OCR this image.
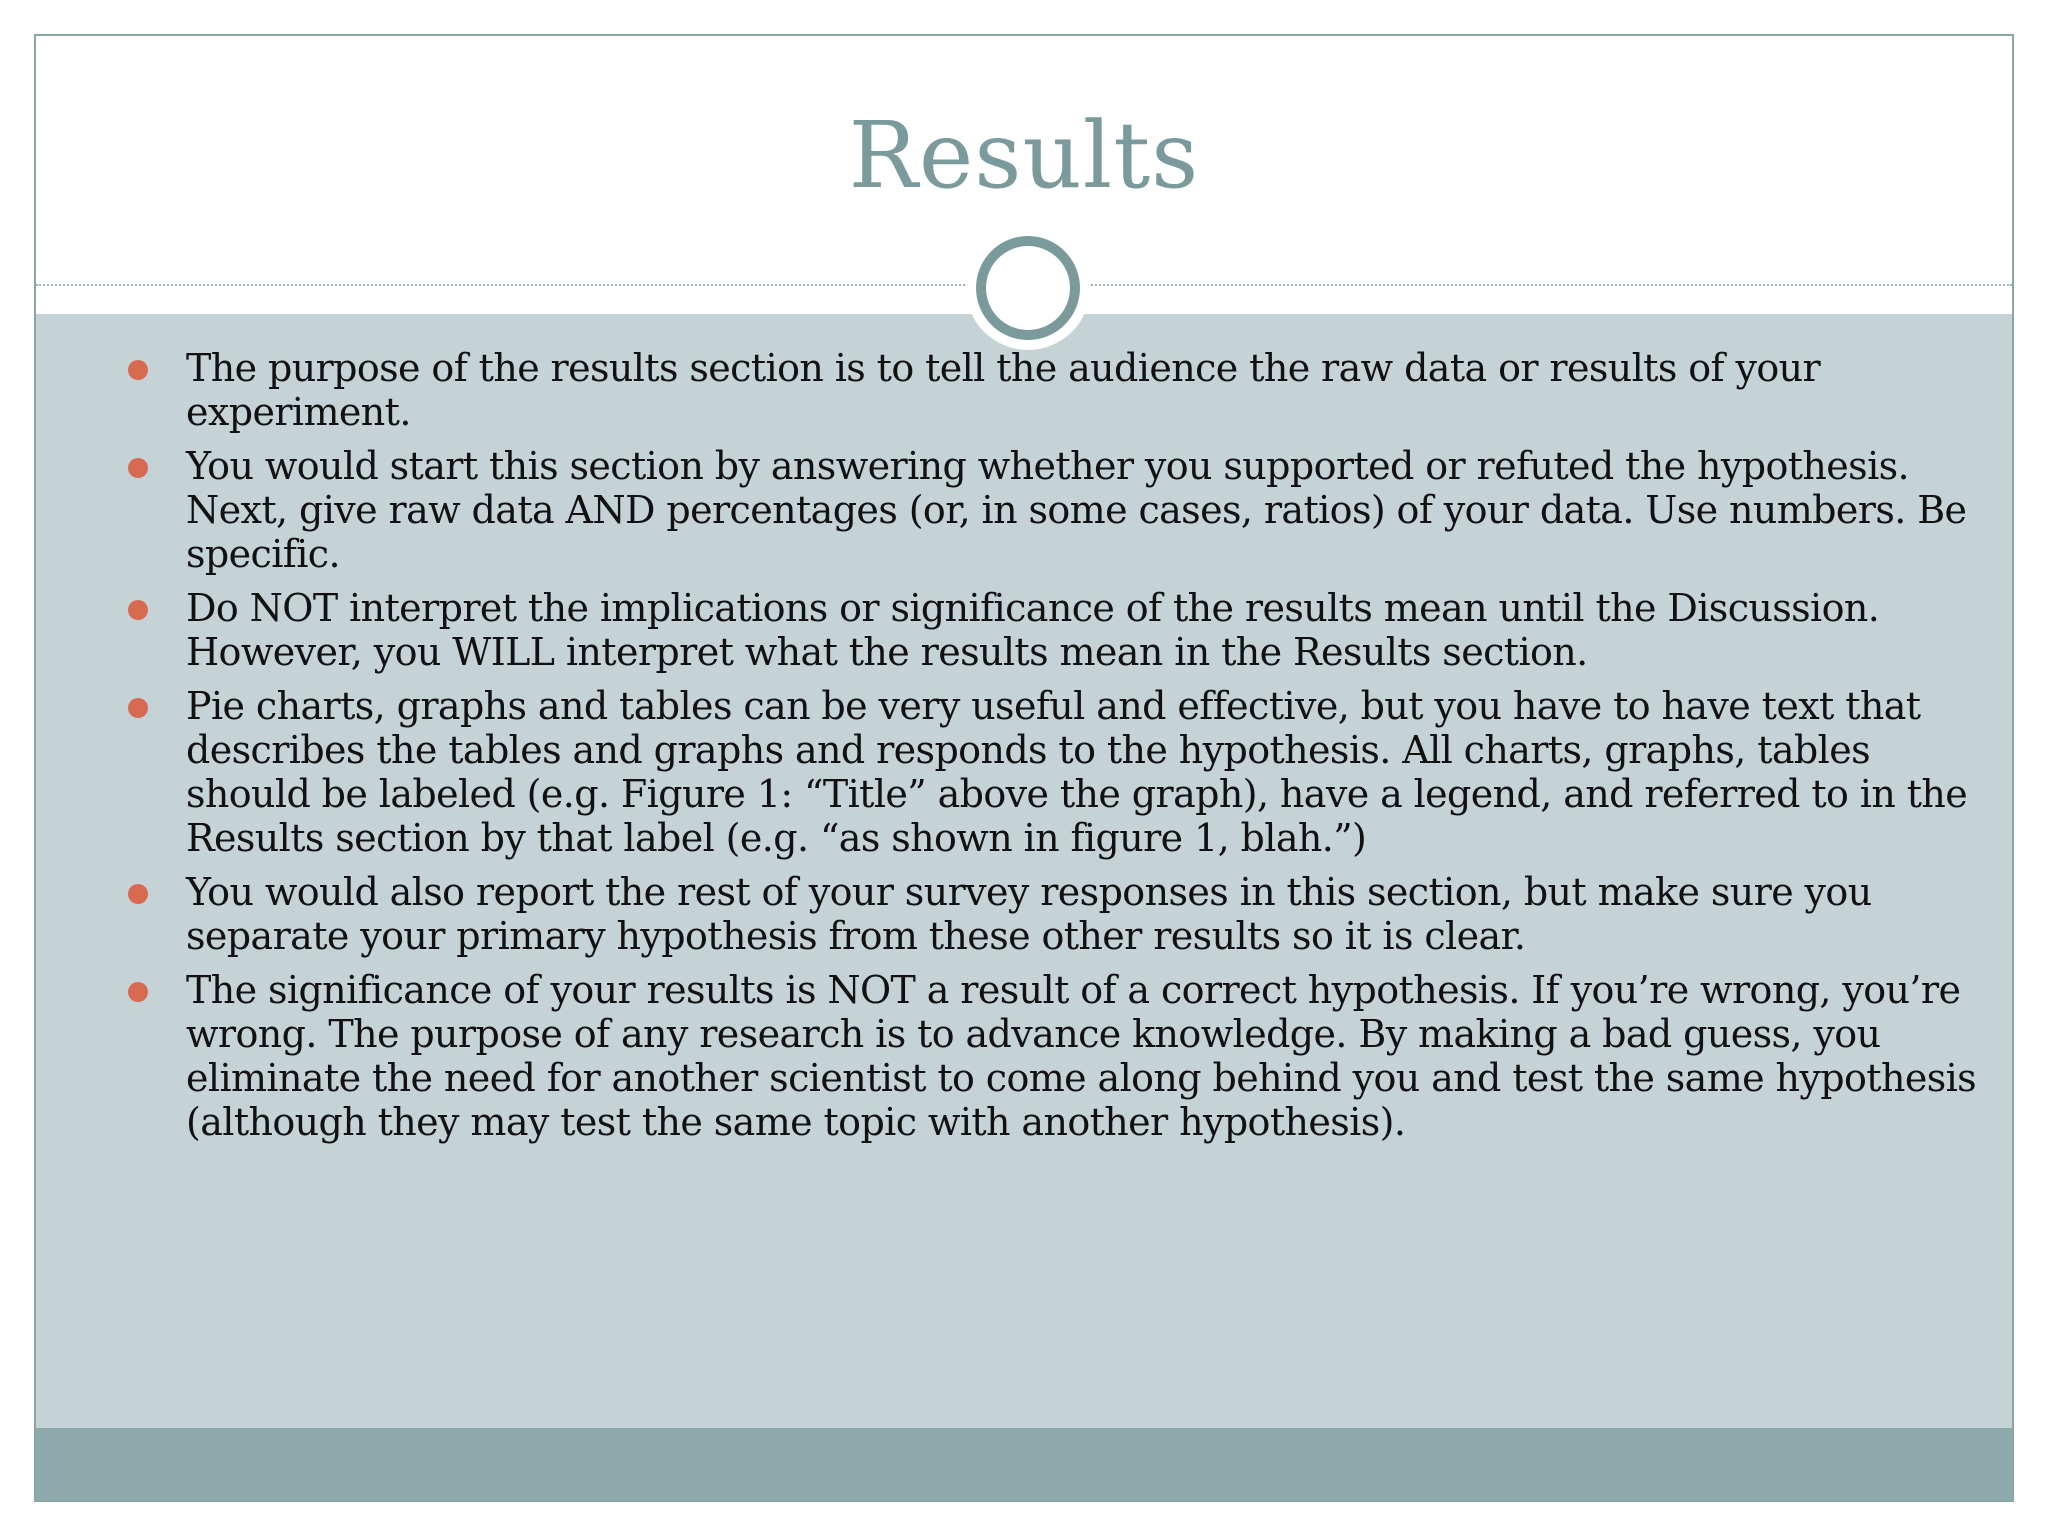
Results
The purpose of the results section is to tell the audience the raw data or results of your experiment.
You would start this section by answering whether you supported or refuted the hypothesis. Next, give raw data AND percentages (or, in some cases, ratios) of your data. Use numbers. Be specific.
Do NOT interpret the implications or significance of the results mean until the Discussion. However, you WILL interpret what the results mean in the Results section.
Pie charts, graphs and tables can be very useful and effective, but you have to have text that describes the tables and graphs and responds to the hypothesis. All charts, graphs, tables should be labeled (e.g. Figure 1: “Title” above the graph), have a legend, and referred to in the Results section by that label (e.g. “as shown in figure 1, blah.”)
You would also report the rest of your survey responses in this section, but make sure you separate your primary hypothesis from these other results so it is clear.
The significance of your results is NOT a result of a correct hypothesis. If you’re wrong, you’re wrong. The purpose of any research is to advance knowledge. By making a bad guess, you eliminate the need for another scientist to come along behind you and test the same hypothesis (although they may test the same topic with another hypothesis).
